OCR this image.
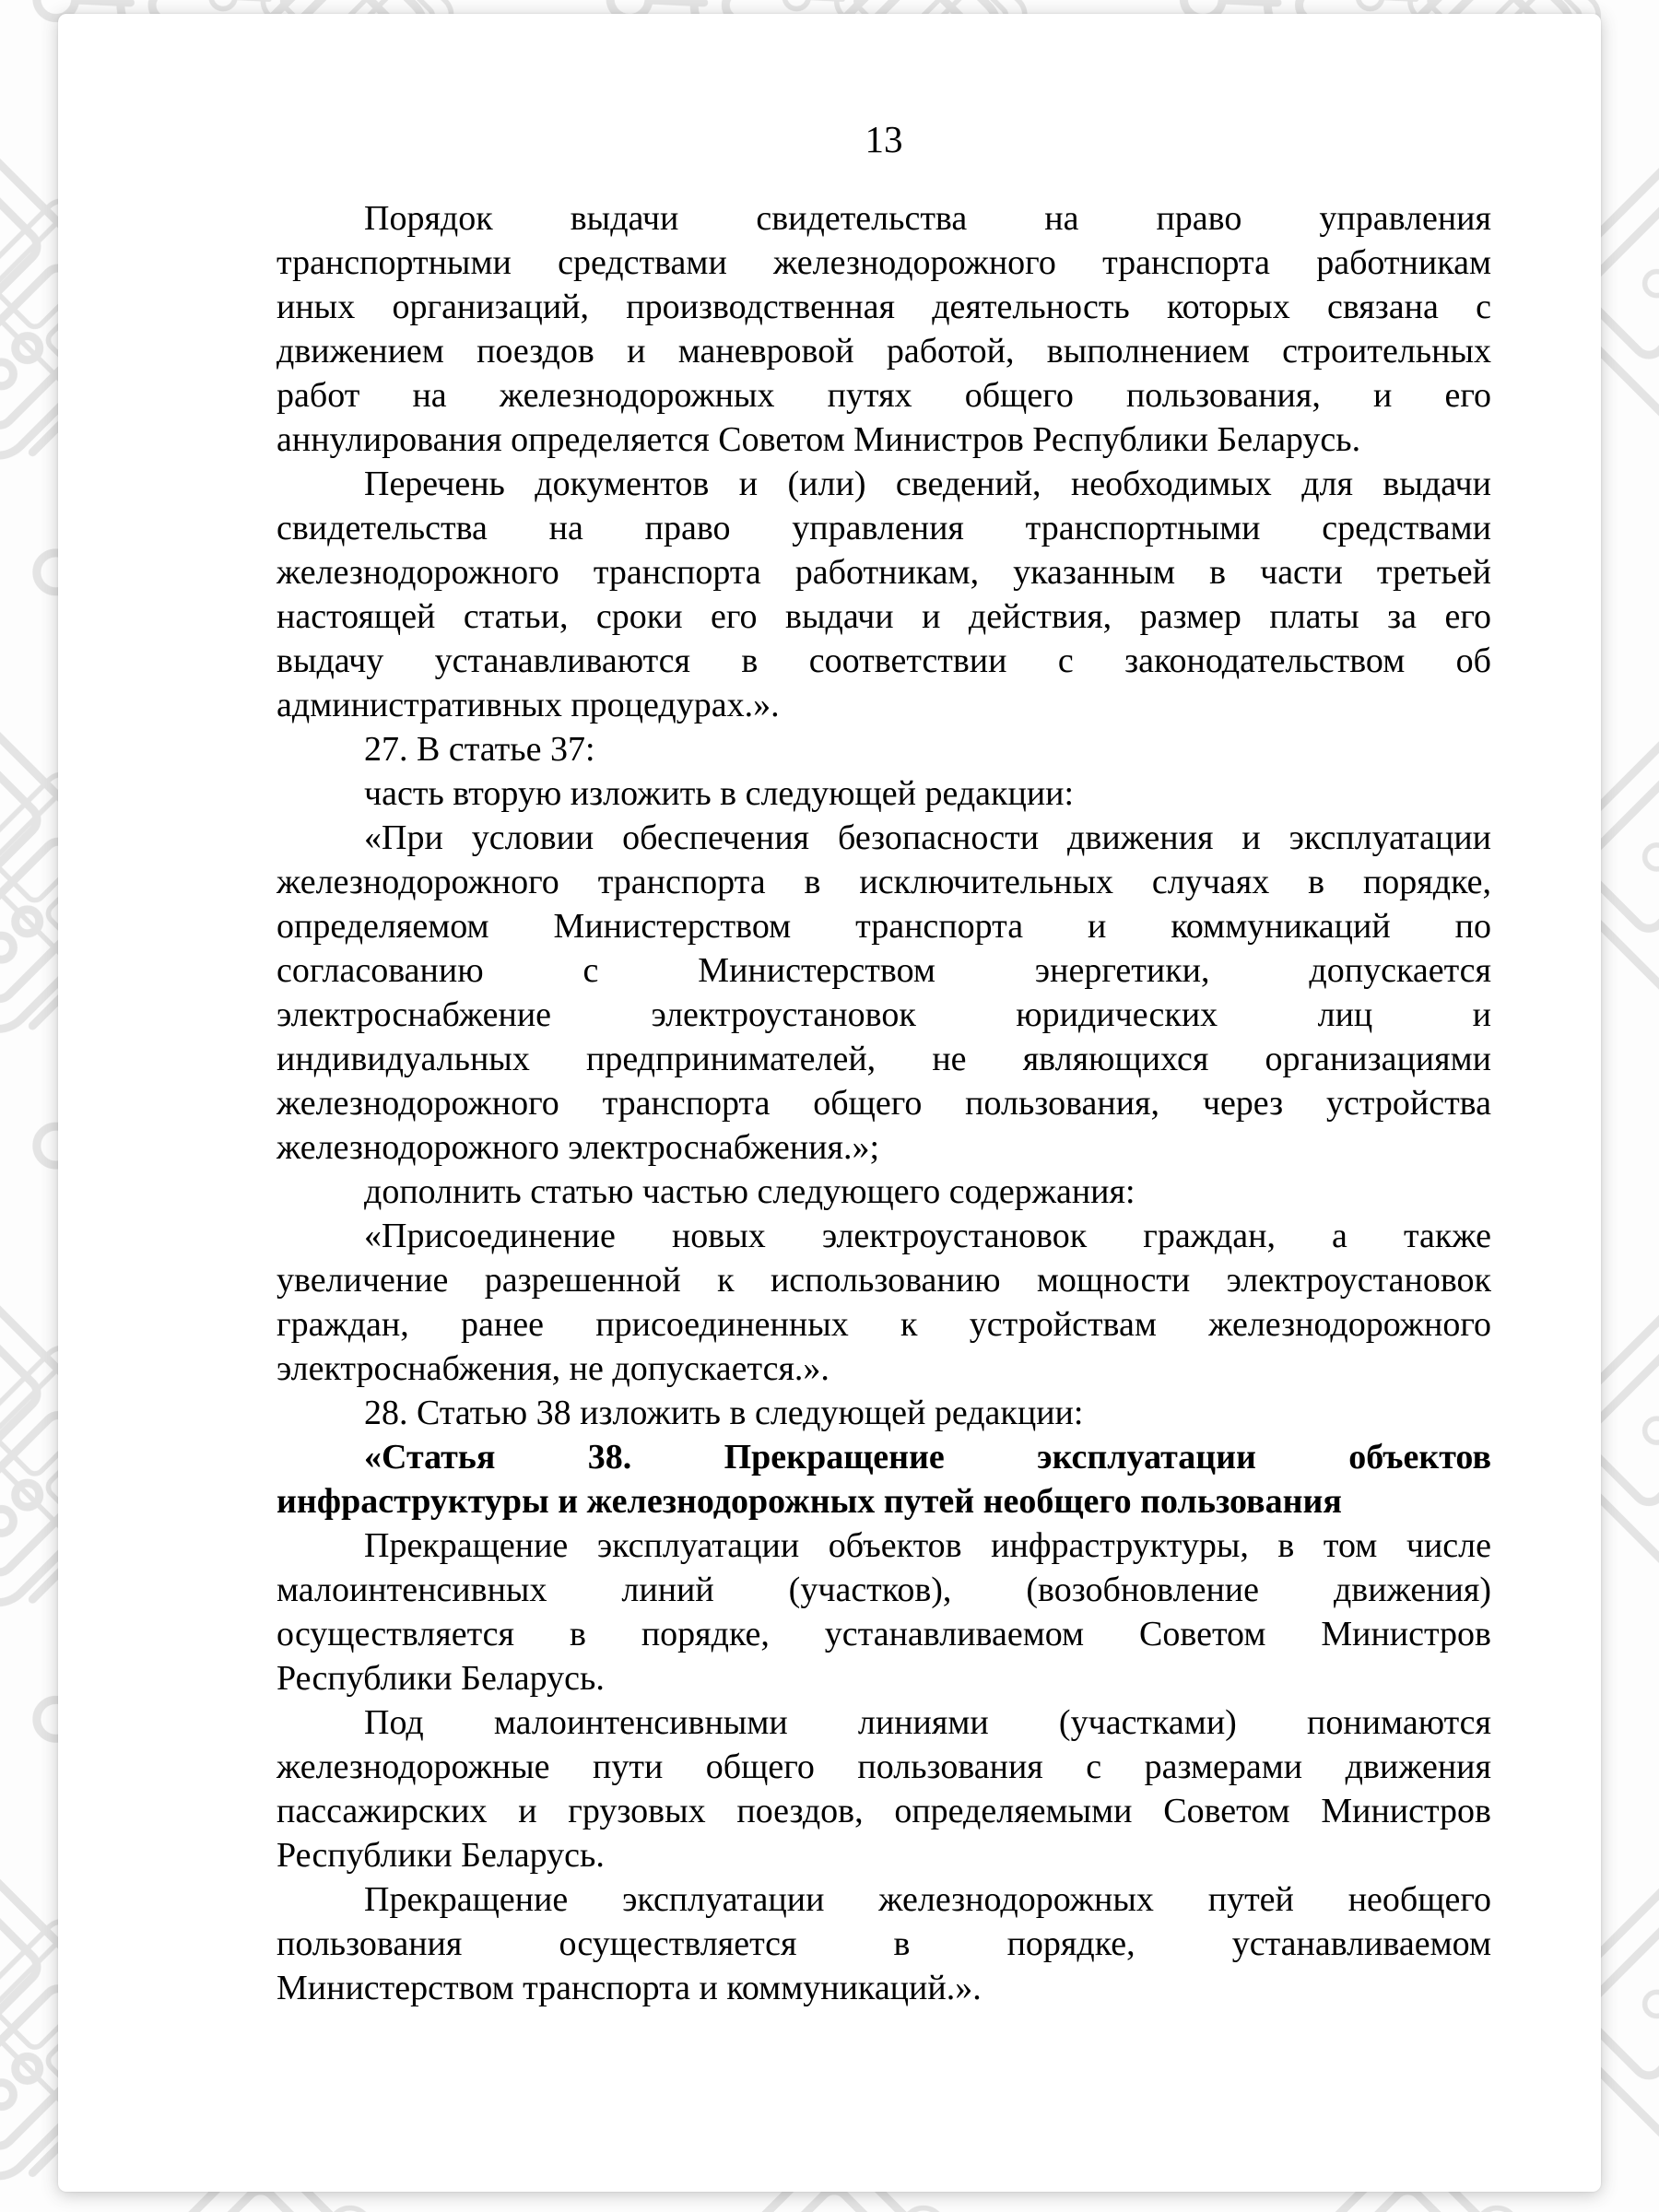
13
Порядок выдачи свидетельства на право управления
транспортными средствами железнодорожного транспорта работникам
иных организаций, производственная деятельность которых связана с
движением поездов и маневровой работой, выполнением строительных
работ на железнодорожных путях общего пользования, и его
аннулирования определяется Советом Министров Республики Беларусь.
Перечень документов и (или) сведений, необходимых для выдачи
свидетельства на право управления транспортными средствами
железнодорожного транспорта работникам, указанным в части третьей
настоящей статьи, сроки его выдачи и действия, размер платы за его
выдачу устанавливаются в соответствии с законодательством об
административных процедурах.».
27. В статье 37:
часть вторую изложить в следующей редакции:
«При условии обеспечения безопасности движения и эксплуатации
железнодорожного транспорта в исключительных случаях в порядке,
определяемом Министерством транспорта и коммуникаций по
согласованию с Министерством энергетики, допускается
электроснабжение электроустановок юридических лиц и
индивидуальных предпринимателей, не являющихся организациями
железнодорожного транспорта общего пользования, через устройства
железнодорожного электроснабжения.»;
дополнить статью частью следующего содержания:
«Присоединение новых электроустановок граждан, а также
увеличение разрешенной к использованию мощности электроустановок
граждан, ранее присоединенных к устройствам железнодорожного
электроснабжения, не допускается.».
28. Статью 38 изложить в следующей редакции:
«Статья 38. Прекращение эксплуатации объектов
инфраструктуры и железнодорожных путей необщего пользования
Прекращение эксплуатации объектов инфраструктуры, в том числе
малоинтенсивных линий (участков), (возобновление движения)
осуществляется в порядке, устанавливаемом Советом Министров
Республики Беларусь.
Под малоинтенсивными линиями (участками) понимаются
железнодорожные пути общего пользования с размерами движения
пассажирских и грузовых поездов, определяемыми Советом Министров
Республики Беларусь.
Прекращение эксплуатации железнодорожных путей необщего
пользования осуществляется в порядке, устанавливаемом
Министерством транспорта и коммуникаций.».
